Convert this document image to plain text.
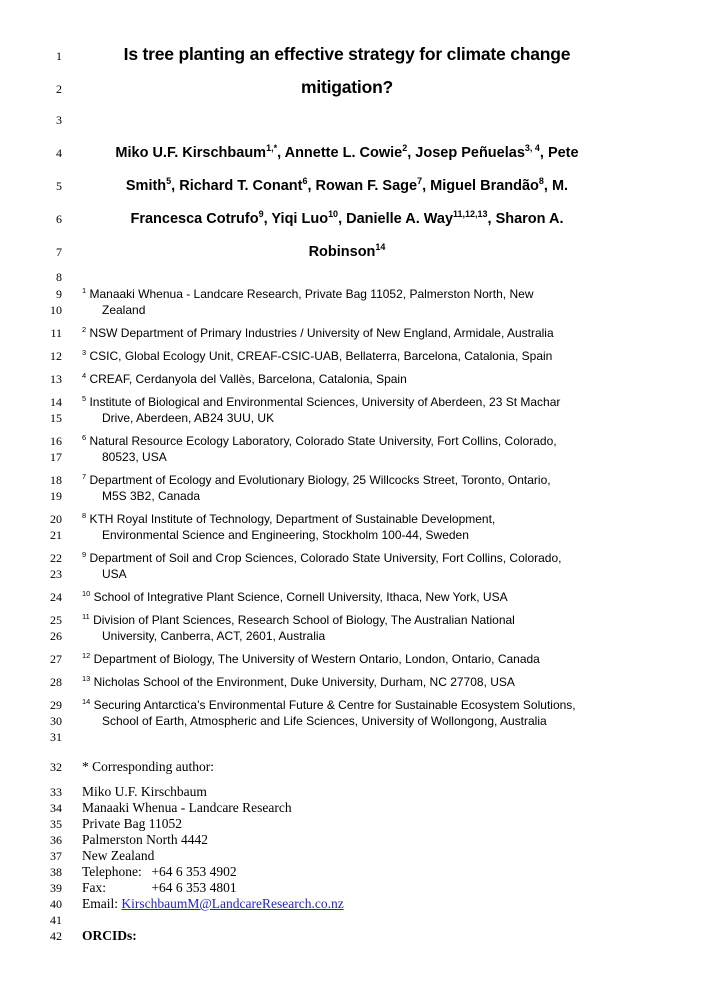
1	Is tree planting an effective strategy for climate change
2	mitigation?
3
4	Miko U.F. Kirschbaum$^{1,*}$, Annette L. Cowie$^2$, Josep Peñuelas$^{3, 4}$, Pete
5	Smith$^5$, Richard T. Conant$^6$, Rowan F. Sage$^7$, Miguel Brandão$^8$, M.
6	Francesca Cotrufo$^9$, Yiqi Luo$^{10}$, Danielle A. Way$^{11,12,13}$, Sharon A.
7	Robinson$^{14}$
8
9	$^1$ Manaaki Whenua - Landcare Research, Private Bag 11052, Palmerston North, New
10	Zealand
11	$^2$ NSW Department of Primary Industries / University of New England, Armidale, Australia
12	$^3$ CSIC, Global Ecology Unit, CREAF-CSIC-UAB, Bellaterra, Barcelona, Catalonia, Spain
13	$^4$ CREAF, Cerdanyola del Vallès, Barcelona, Catalonia, Spain
14	$^5$ Institute of Biological and Environmental Sciences, University of Aberdeen, 23 St Machar
15	Drive, Aberdeen, AB24 3UU, UK
16	$^6$ Natural Resource Ecology Laboratory, Colorado State University, Fort Collins, Colorado,
17	80523, USA
18	$^7$ Department of Ecology and Evolutionary Biology, 25 Willcocks Street, Toronto, Ontario,
19	M5S 3B2, Canada
20	$^8$ KTH Royal Institute of Technology, Department of Sustainable Development,
21	Environmental Science and Engineering, Stockholm 100-44, Sweden
22	$^9$ Department of Soil and Crop Sciences, Colorado State University, Fort Collins, Colorado,
23	USA
24	$^{10}$ School of Integrative Plant Science, Cornell University, Ithaca, New York, USA
25	$^{11}$ Division of Plant Sciences, Research School of Biology, The Australian National
26	University, Canberra, ACT, 2601, Australia
27	$^{12}$ Department of Biology, The University of Western Ontario, London, Ontario, Canada
28	$^{13}$ Nicholas School of the Environment, Duke University, Durham, NC 27708, USA
29	$^{14}$ Securing Antarctica’s Environmental Future & Centre for Sustainable Ecosystem Solutions,
30	School of Earth, Atmospheric and Life Sciences, University of Wollongong, Australia
31
32 * Corresponding author:
33 Miko U.F. Kirschbaum
34 Manaaki Whenua - Landcare Research
35 Private Bag 11052
36 Palmerston North 4442
37 New Zealand
38 Telephone: +64 6 353 4902
39 Fax:	+64 6 353 4801
40 Email: KirschbaumM@LandcareResearch.co.nz
41
42 ORCIDs:
